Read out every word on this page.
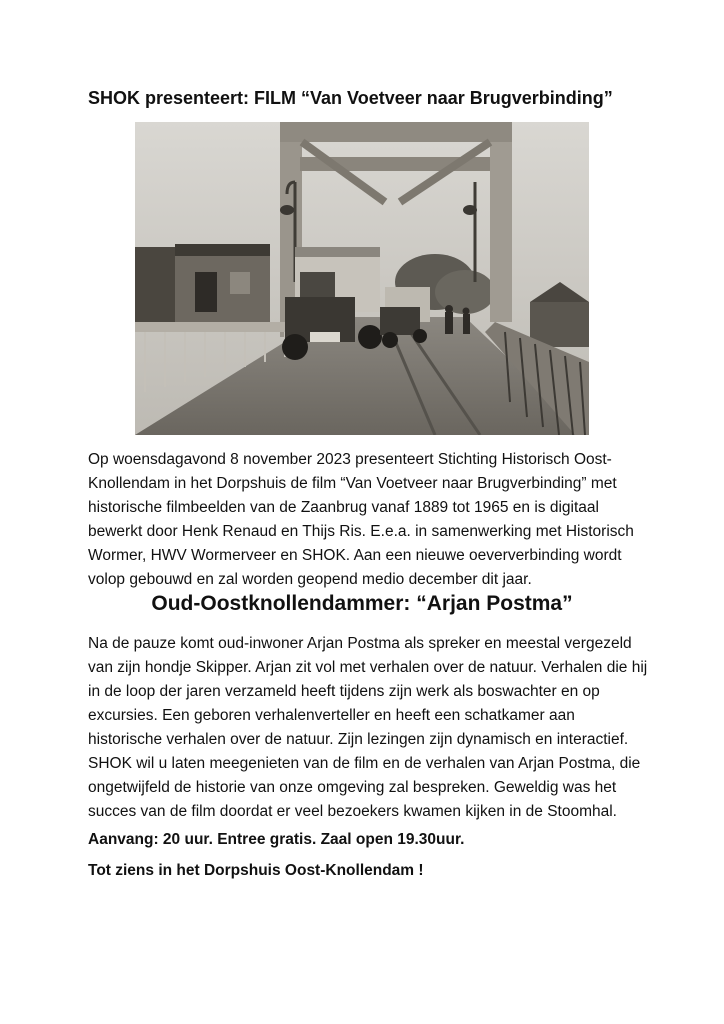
SHOK presenteert: FILM “Van Voetveer naar Brugverbinding”

Op woensdagavond 8 november 2023 presenteert Stichting Historisch Oost-Knollendam in het Dorpshuis de film “Van Voetveer naar Brugverbinding” met historische filmbeelden van de Zaanbrug vanaf 1889 tot 1965 en is digitaal bewerkt door Henk Renaud en Thijs Ris. E.e.a. in samenwerking met Historisch Wormer, HWV Wormerveer en SHOK. Aan een nieuwe oeververbinding wordt volop gebouwd en zal worden geopend medio december dit jaar.

Oud-Oostknollendammer: “Arjan Postma”

Na de pauze komt oud-inwoner Arjan Postma als spreker en meestal vergezeld van zijn hondje Skipper. Arjan zit vol met verhalen over de natuur. Verhalen die hij in de loop der jaren verzameld heeft tijdens zijn werk als boswachter en op excursies. Een geboren verhalenverteller en heeft een schatkamer aan historische verhalen over de natuur. Zijn lezingen zijn dynamisch en interactief.

SHOK wil u laten meegenieten van de film en de verhalen van Arjan Postma, die ongetwijfeld de historie van onze omgeving zal bespreken. Geweldig was het succes van de film doordat er veel bezoekers kwamen kijken in de Stoomhal.

Aanvang: 20 uur. Entree gratis. Zaal open 19.30uur.

Tot ziens in het Dorpshuis Oost-Knollendam !
